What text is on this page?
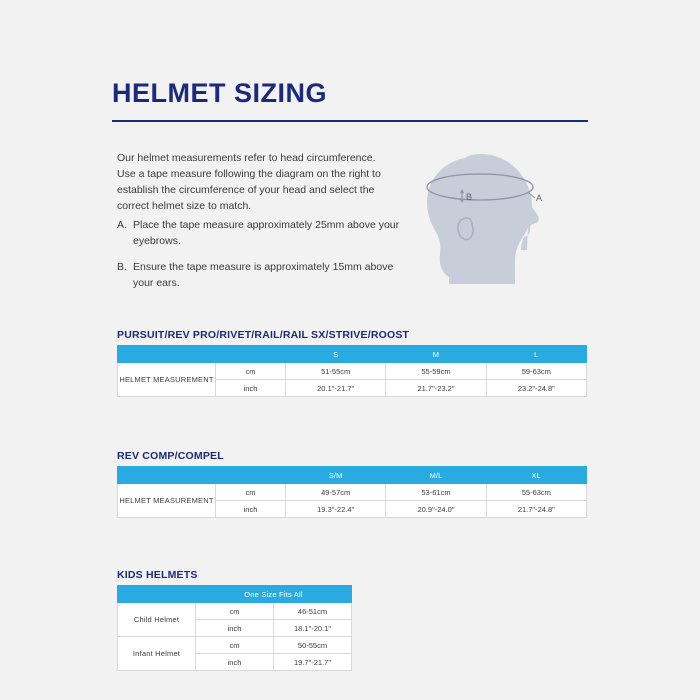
HELMET SIZING
Our helmet measurements refer to head circumference. Use a tape measure following the diagram on the right to establish the circumference of your head and select the correct helmet size to match.
A. Place the tape measure approximately 25mm above your eyebrows.
B. Ensure the tape measure is approximately 15mm above your ears.
B	A
PURSUIT/REV PRO/RIVET/RAIL/RAIL SX/STRIVE/ROOST
		S	M	L
HELMET MEASUREMENT	cm	51-55cm	55-59cm	59-63cm
	inch	20.1"-21.7"	21.7"-23.2"	23.2"-24.8"
REV COMP/COMPEL
		S/M	M/L	XL
HELMET MEASUREMENT	cm	49-57cm	53-61cm	55-63cm
	inch	19.3"-22.4"	20.9"-24.0"	21.7"-24.8"
KIDS HELMETS
	One Size Fits All	
Child Helmet	cm	46-51cm
	inch	18.1"-20.1"
Infant Helmet	cm	50-55cm
	inch	19.7"-21.7"
